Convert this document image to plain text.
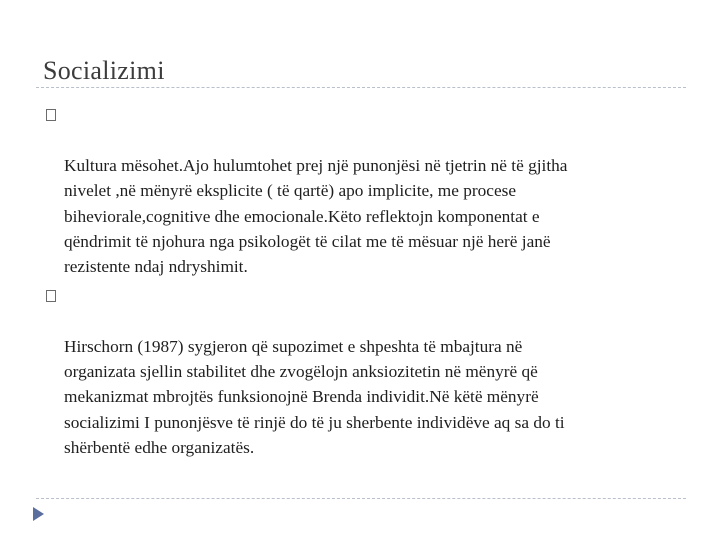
Socializimi

Kultura mësohet.Ajo hulumtohet prej një punonjësi në tjetrin në të gjitha
nivelet ,në mënyrë eksplicite ( të qartë) apo implicite, me procese
biheviorale,cognitive dhe emocionale.Këto reflektojn komponentat e
qëndrimit të njohura nga psikologët të cilat me të mësuar një herë janë
rezistente ndaj ndryshimit.

Hirschorn (1987) sygjeron që supozimet e shpeshta të mbajtura në
organizata sjellin stabilitet dhe zvogëlojn anksiozitetin në mënyrë që
mekanizmat mbrojtës funksionojnë Brenda individit.Në këtë mënyrë
socializimi I punonjësve të rinjë do të ju sherbente individëve aq sa do ti
shërbentë edhe organizatës.
